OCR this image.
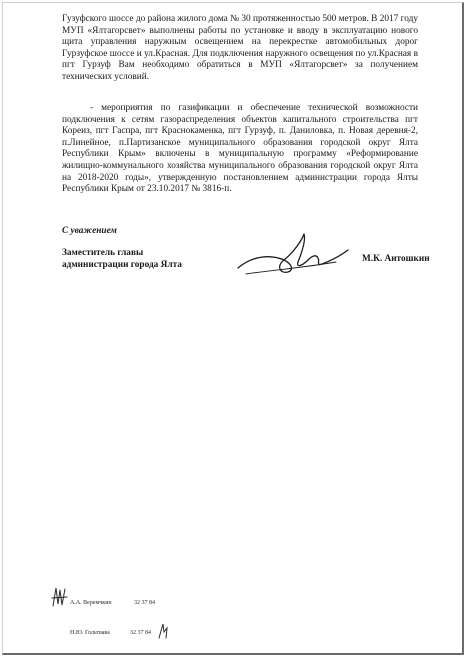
Гузуфского шоссе до района жилого дома № 30 протяженностью 500 метров. В 2017 году МУП «Ялтагорсвет» выполнены работы по установке и вводу в эксплуатацию нового щита управления наружным освещением на перекрестке автомобильных дорог Гурзуфское шоссе и ул.Красная. Для подключения наружного освещения по ул.Красная в пгт Гурзуф Вам необходимо обратиться в МУП «Ялтагорсвет» за получением технических условий.
- мероприятия по газификации и обеспечение технической возможности подключения к сетям газораспределения объектов капитального строительства пгт Кореиз, пгт Гаспра, пгт Краснокаменка, пгт Гурзуф, п. Даниловка, п. Новая деревня-2, п.Линейное, п.Партизанское муниципального образования городской округ Ялта Республики Крым» включены в муниципальную программу «Реформирование жилищно-коммунального хозяйства муниципального образования городской округ Ялта на 2018-2020 годы», утвержденную постановлением администрации города Ялты Республики Крым от 23.10.2017 № 3816-п.
С уважением
Заместитель главы
администрации города Ялта
М.К. Антошкин
А.А. Веремчкин	32 37 84
Н.Ю. Гольтвава	32 37 84
